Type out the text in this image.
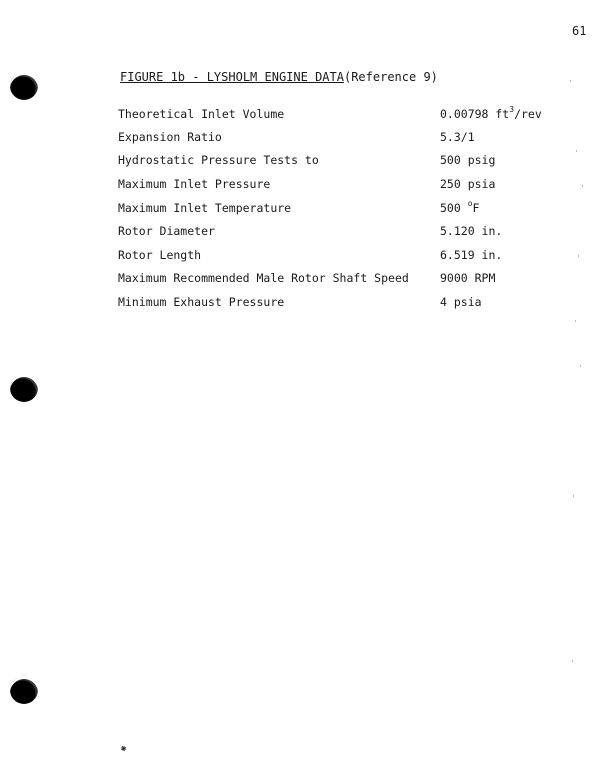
61
FIGURE 1b - LYSHOLM ENGINE DATA(Reference 9)
Theoretical Inlet Volume	0.00798 $ft^3$/rev
Expansion Ratio	5.3/1
Hydrostatic Pressure Tests to	500 psig
Maximum Inlet Pressure	250 psia
Maximum Inlet Temperature	500 $^o$F
Rotor Diameter	5.120 in.
Rotor Length	6.519 in.
Maximum Recommended Male Rotor Shaft Speed	9000 RPM
Minimum Exhaust Pressure	4 psia
⁕
